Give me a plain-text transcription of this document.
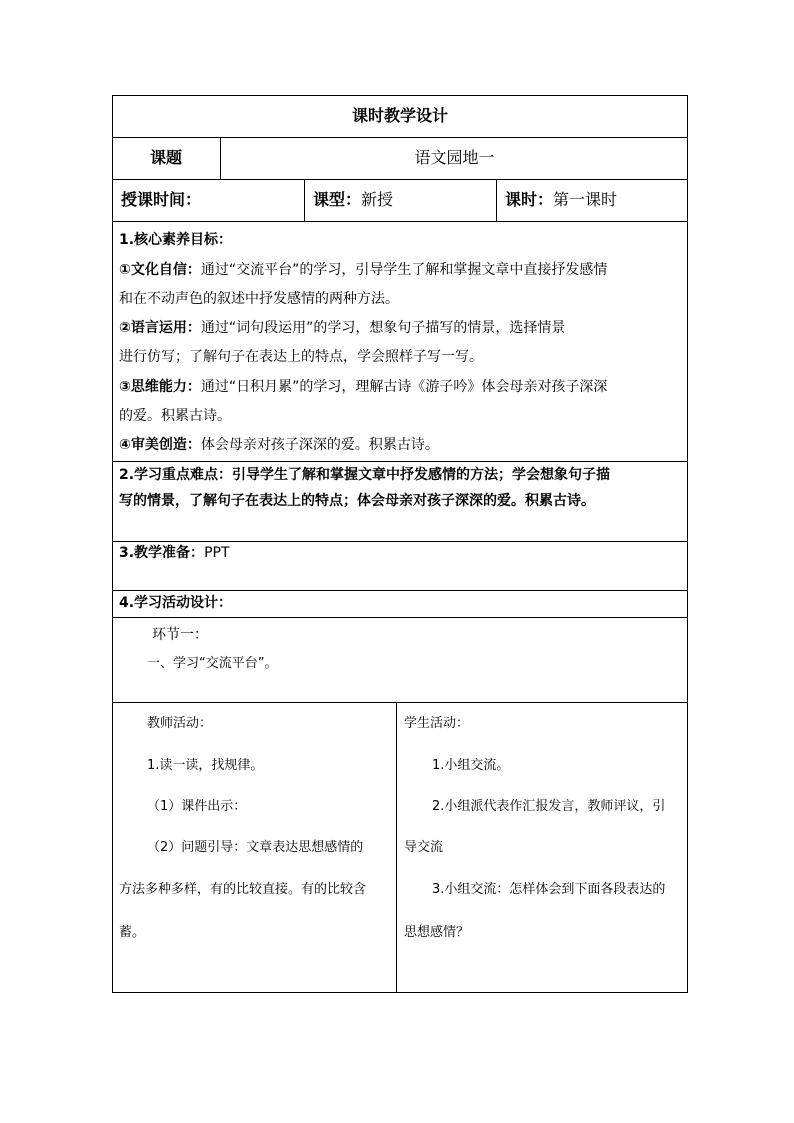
课时教学设计
课题	语文园地一
授课时间：	课型：新授	课时：第一课时
1.核心素养目标：
①文化自信：通过“交流平台”的学习，引导学生了解和掌握文章中直接抒发感情
和在不动声色的叙述中抒发感情的两种方法。
②语言运用：通过“词句段运用”的学习，想象句子描写的情景，选择情景
进行仿写；了解句子在表达上的特点，学会照样子写一写。
③思维能力：通过“日积月累”的学习，理解古诗《游子吟》体会母亲对孩子深深
的爱。积累古诗。
④审美创造：体会母亲对孩子深深的爱。积累古诗。
2.学习重点难点：引导学生了解和掌握文章中抒发感情的方法；学会想象句子描
写的情景，了解句子在表达上的特点；体会母亲对孩子深深的爱。积累古诗。
3.教学准备：PPT
4.学习活动设计：
环节一：
一、学习“交流平台”。
教师活动：
1.读一读，找规律。
（1）课件出示：
（2）问题引导：文章表达思想感情的
方法多种多样，有的比较直接。有的比较含
蓄。
学生活动：
1.小组交流。
2.小组派代表作汇报发言，教师评议，引
导交流
3.小组交流：怎样体会到下面各段表达的
思想感情？
